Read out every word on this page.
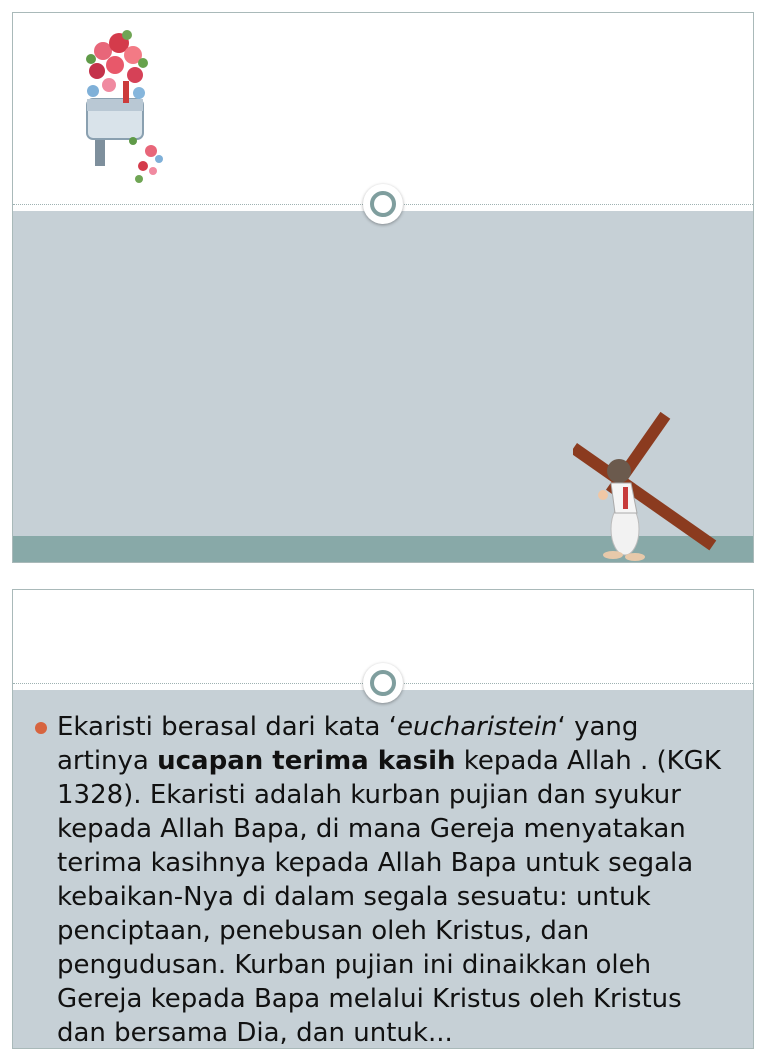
Ekaristi berasal dari kata ‘eucharistein‘ yang artinya ucapan terima kasih kepada Allah . (KGK 1328). Ekaristi adalah kurban pujian dan syukur kepada Allah Bapa, di mana Gereja menyatakan terima kasihnya kepada Allah Bapa untuk segala kebaikan-Nya di dalam segala sesuatu: untuk penciptaan, penebusan oleh Kristus, dan pengudusan. Kurban pujian ini dinaikkan oleh Gereja kepada Bapa melalui Kristus oleh Kristus dan bersama Dia, dan untuk...
